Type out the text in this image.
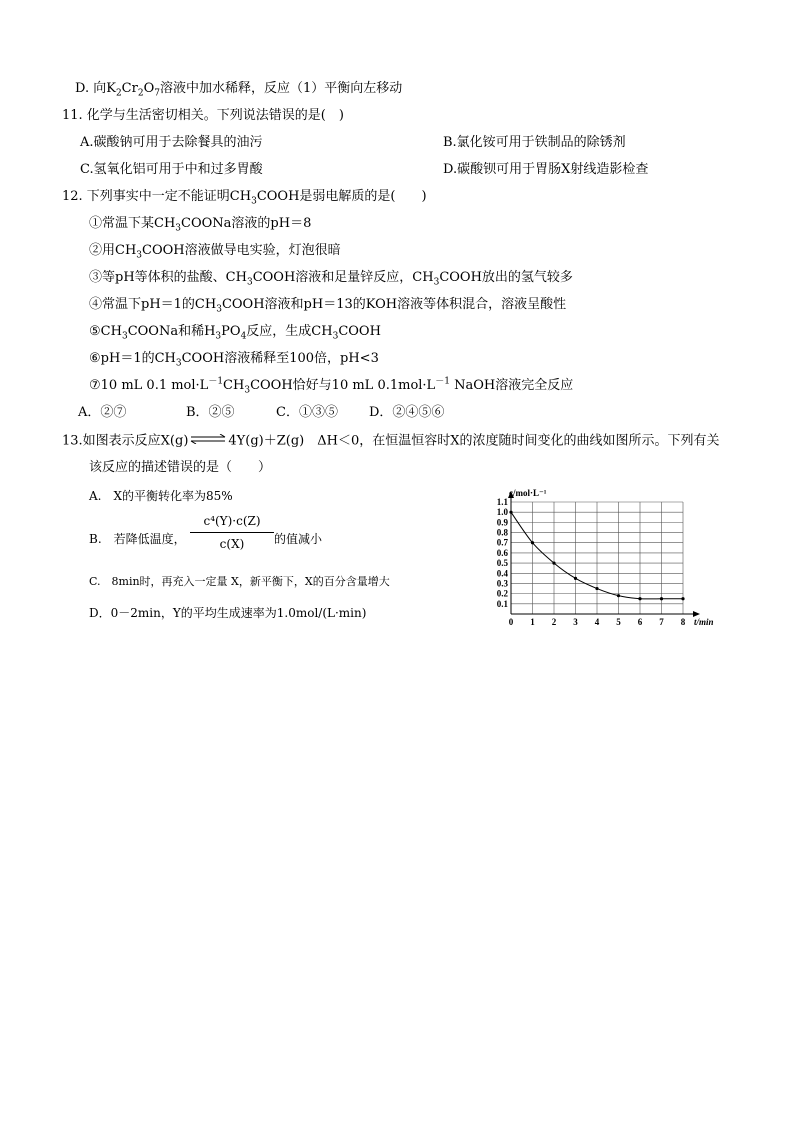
D. 向$K_2Cr_2O_7$溶液中加水稀释，反应（1）平衡向左移动
11. 化学与生活密切相关。下列说法错误的是(　)
A.碳酸钠可用于去除餐具的油污	B.氯化铵可用于铁制品的除锈剂
C.氢氧化铝可用于中和过多胃酸	D.碳酸钡可用于胃肠X射线造影检查
12. 下列事实中一定不能证明$CH_3COOH$是弱电解质的是(　　)
①常温下某$CH_3COONa$溶液的pH＝8
②用$CH_3COOH$溶液做导电实验，灯泡很暗
③等pH等体积的盐酸、$CH_3COOH$溶液和足量锌反应，$CH_3COOH$放出的氢气较多
④常温下pH＝1的$CH_3COOH$溶液和pH＝13的KOH溶液等体积混合，溶液呈酸性
$⑤CH_3COONa$和稀$H_3PO_4$反应，生成$CH_3COOH$
⑥pH＝1的$CH_3COOH$溶液稀释至100倍，pH<3
⑦10 mL 0.1 $mol\cdot L^{-1}CH_3COOH$恰好与10 mL $0.1mol\cdot L^{-1}$ NaOH溶液完全反应
A．②⑦	B．②⑤	C．①③⑤ D．②④⑤⑥
13.如图表示反应X(g) ⇌ 4Y(g)＋Z(g)　ΔH＜0，在恒温恒容时X的浓度随时间变化的曲线如图所示。下列有关
该反应的描述错误的是（　　）
A.　X的平衡转化率为85%
B.　若降低温度，
c⁴(Y)·c(Z)
c(X)	的值减小
C.　8min时，再充入一定量 X，新平衡下，X的百分含量增大
D．0－2min，Y的平均生成速率为1.0mol/(L·min)
0 1 2 3 4 5 6 7 8
0.1
0.2
0.3
0.4
0.5
0.6
0.7
0.8
0.9
1.0
1.1
c/mol·L⁻¹
t/min
